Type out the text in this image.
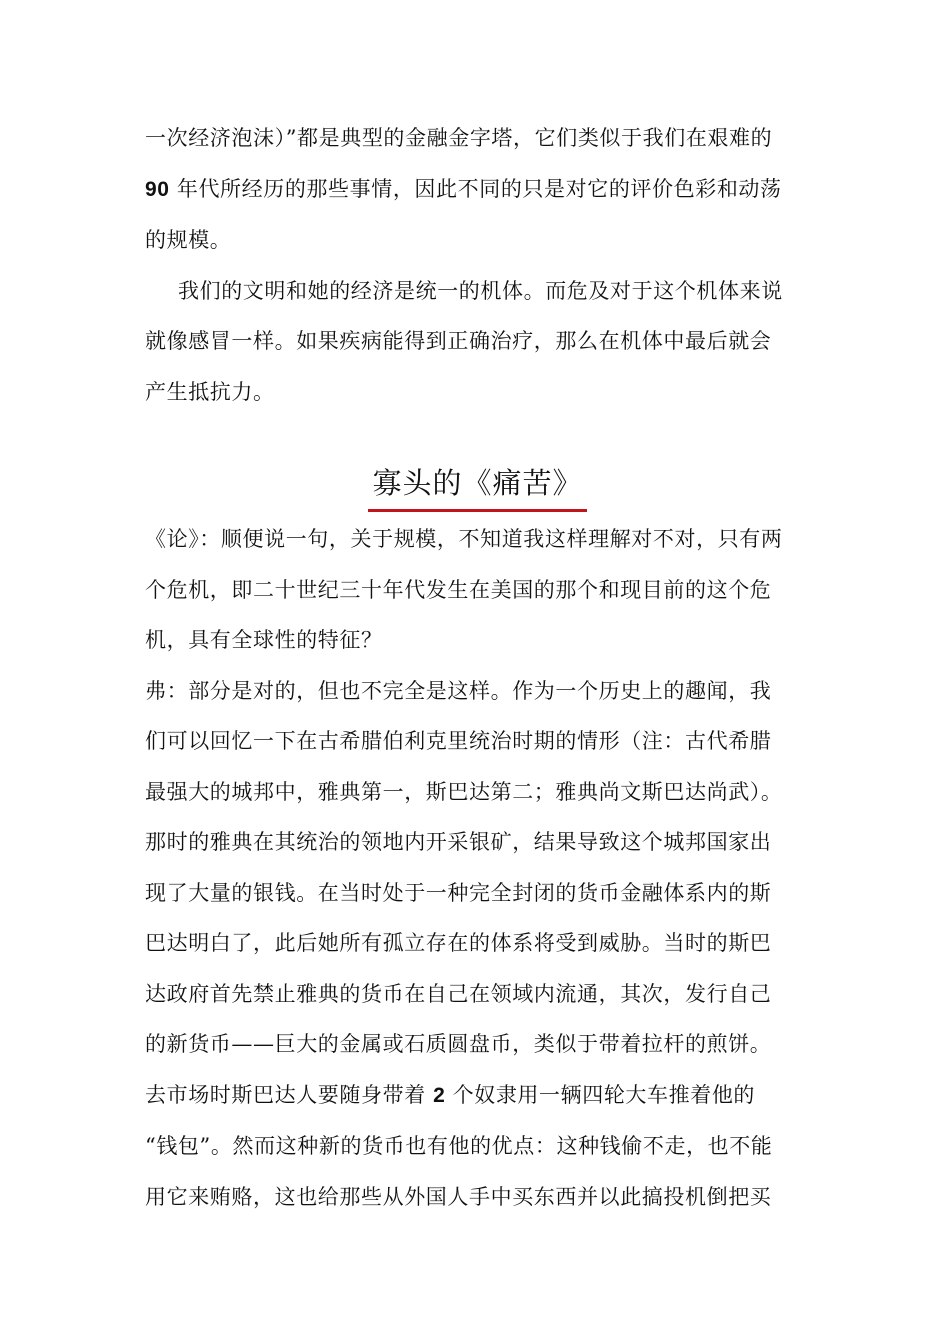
一次经济泡沫）”都是典型的金融金字塔，它们类似于我们在艰难的
90 年代所经历的那些事情，因此不同的只是对它的评价色彩和动荡
的规模。

我们的文明和她的经济是统一的机体。而危及对于这个机体来说
就像感冒一样。如果疾病能得到正确治疗，那么在机体中最后就会
产生抵抗力。

寡头的《痛苦》

《论》：顺便说一句，关于规模，不知道我这样理解对不对，只有两
个危机，即二十世纪三十年代发生在美国的那个和现目前的这个危
机，具有全球性的特征？

弗：部分是对的，但也不完全是这样。作为一个历史上的趣闻，我
们可以回忆一下在古希腊伯利克里统治时期的情形（注：古代希腊
最强大的城邦中，雅典第一，斯巴达第二；雅典尚文斯巴达尚武）。
那时的雅典在其统治的领地内开采银矿，结果导致这个城邦国家出
现了大量的银钱。在当时处于一种完全封闭的货币金融体系内的斯
巴达明白了，此后她所有孤立存在的体系将受到威胁。当时的斯巴
达政府首先禁止雅典的货币在自己在领域内流通，其次，发行自己
的新货币——巨大的金属或石质圆盘币，类似于带着拉杆的煎饼。
去市场时斯巴达人要随身带着 2 个奴隶用一辆四轮大车推着他的
“钱包”。然而这种新的货币也有他的优点：这种钱偷不走，也不能
用它来贿赂，这也给那些从外国人手中买东西并以此搞投机倒把买
